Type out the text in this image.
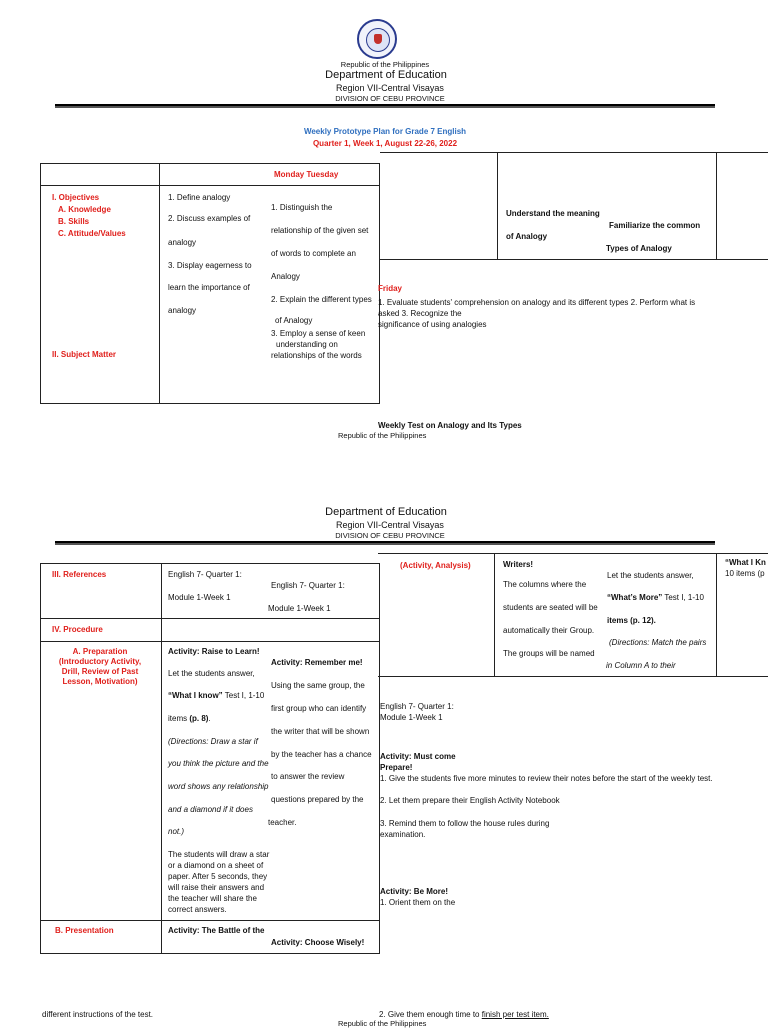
Republic of the Philippines
Department of Education
Region VII-Central Visayas
DIVISION OF CEBU PROVINCE
Weekly Prototype Plan for Grade 7 English
Quarter 1, Week 1, August 22-26, 2022
Monday Tuesday
I. Objectives
A. Knowledge
B. Skills
C. Attitude/Values
II. Subject Matter
1. Define analogy
2. Discuss examples of
analogy
3. Display eagerness to
learn the importance of
analogy
1. Distinguish the
relationship of the given set
of words to complete an
Analogy
2. Explain the different types
of Analogy
3. Employ a sense of keen
understanding on
relationships of the words
Understand the meaning
of Analogy
Familiarize the common
Types of Analogy
Friday
1. Evaluate students' comprehension on analogy and its different types 2. Perform what is
asked 3. Recognize the
significance of using analogies
Weekly Test on Analogy and Its Types
Republic of the Philippines
Department of Education
Region VII-Central Visayas
DIVISION OF CEBU PROVINCE
III. References
IV. Procedure
A. Preparation
(Introductory Activity,
Drill, Review of Past
Lesson, Motivation)
B. Presentation
English 7- Quarter 1:
Module 1-Week 1
English 7- Quarter 1:
Module 1-Week 1
Activity: Raise to Learn!
Let the students answer,
“What I know” Test I, 1-10
items (p. 8).
(Directions: Draw a star if
you think the picture and the
word shows any relationship
and a diamond if it does
not.)
The students will draw a star
or a diamond on a sheet of
paper. After 5 seconds, they
will raise their answers and
the teacher will share the
correct answers.
Activity: Remember me!
Using the same group, the
first group who can identify
the writer that will be shown
by the teacher has a chance
to answer the review
questions prepared by the
teacher.
Activity: The Battle of the
Activity: Choose Wisely!
(Activity, Analysis)	Writers!
The columns where the
students are seated will be
automatically their Group.
The groups will be named
Let the students answer,
“What’s More” Test I, 1-10
items (p. 12).
(Directions: Match the pairs
in Column A to their
“What I Kn
10 items (p
English 7- Quarter 1:
Module 1-Week 1
Activity: Must come
Prepare!
1. Give the students five more minutes to review their notes before the start of the weekly test.
2. Let them prepare their English Activity Notebook
3. Remind them to follow the house rules during
examination.
Activity: Be More!
1. Orient them on the
different instructions of the test.	2. Give them enough time to finish per test item.
Republic of the Philippines
